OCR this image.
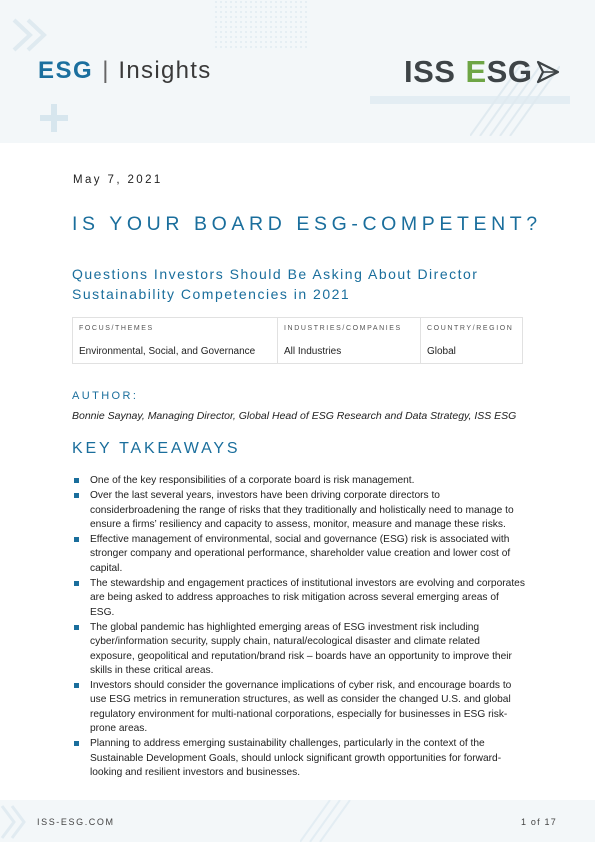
ESG | Insights	ISS E SG
May 7, 2021
IS YOUR BOARD ESG-COMPETENT?
Questions Investors Should Be Asking About Director Sustainability Competencies in 2021
FOCUS/THEMES
Environmental, Social, and Governance
INDUSTRIES/COMPANIES
All Industries
COUNTRY/REGION
Global
AUTHOR:
Bonnie Saynay, Managing Director, Global Head of ESG Research and Data Strategy, ISS ESG
KEY TAKEAWAYS
One of the key responsibilities of a corporate board is risk management.
Over the last several years, investors have been driving corporate directors to considerbroadening the range of risks that they traditionally and holistically need to manage to ensure a firms’ resiliency and capacity to assess, monitor, measure and manage these risks.
Effective management of environmental, social and governance (ESG) risk is associated with stronger company and operational performance, shareholder value creation and lower cost of capital.
The stewardship and engagement practices of institutional investors are evolving and corporates are being asked to address approaches to risk mitigation across several emerging areas of ESG.
The global pandemic has highlighted emerging areas of ESG investment risk including cyber/information security, supply chain, natural/ecological disaster and climate related exposure, geopolitical and reputation/brand risk – boards have an opportunity to improve their skills in these critical areas.
Investors should consider the governance implications of cyber risk, and encourage boards to use ESG metrics in remuneration structures, as well as consider the changed U.S. and global regulatory environment for multi-national corporations, especially for businesses in ESG risk-prone areas.
Planning to address emerging sustainability challenges, particularly in the context of the Sustainable Development Goals, should unlock significant growth opportunities for forward-looking and resilient investors and businesses.
ISS-ESG.COM	1 of 17
